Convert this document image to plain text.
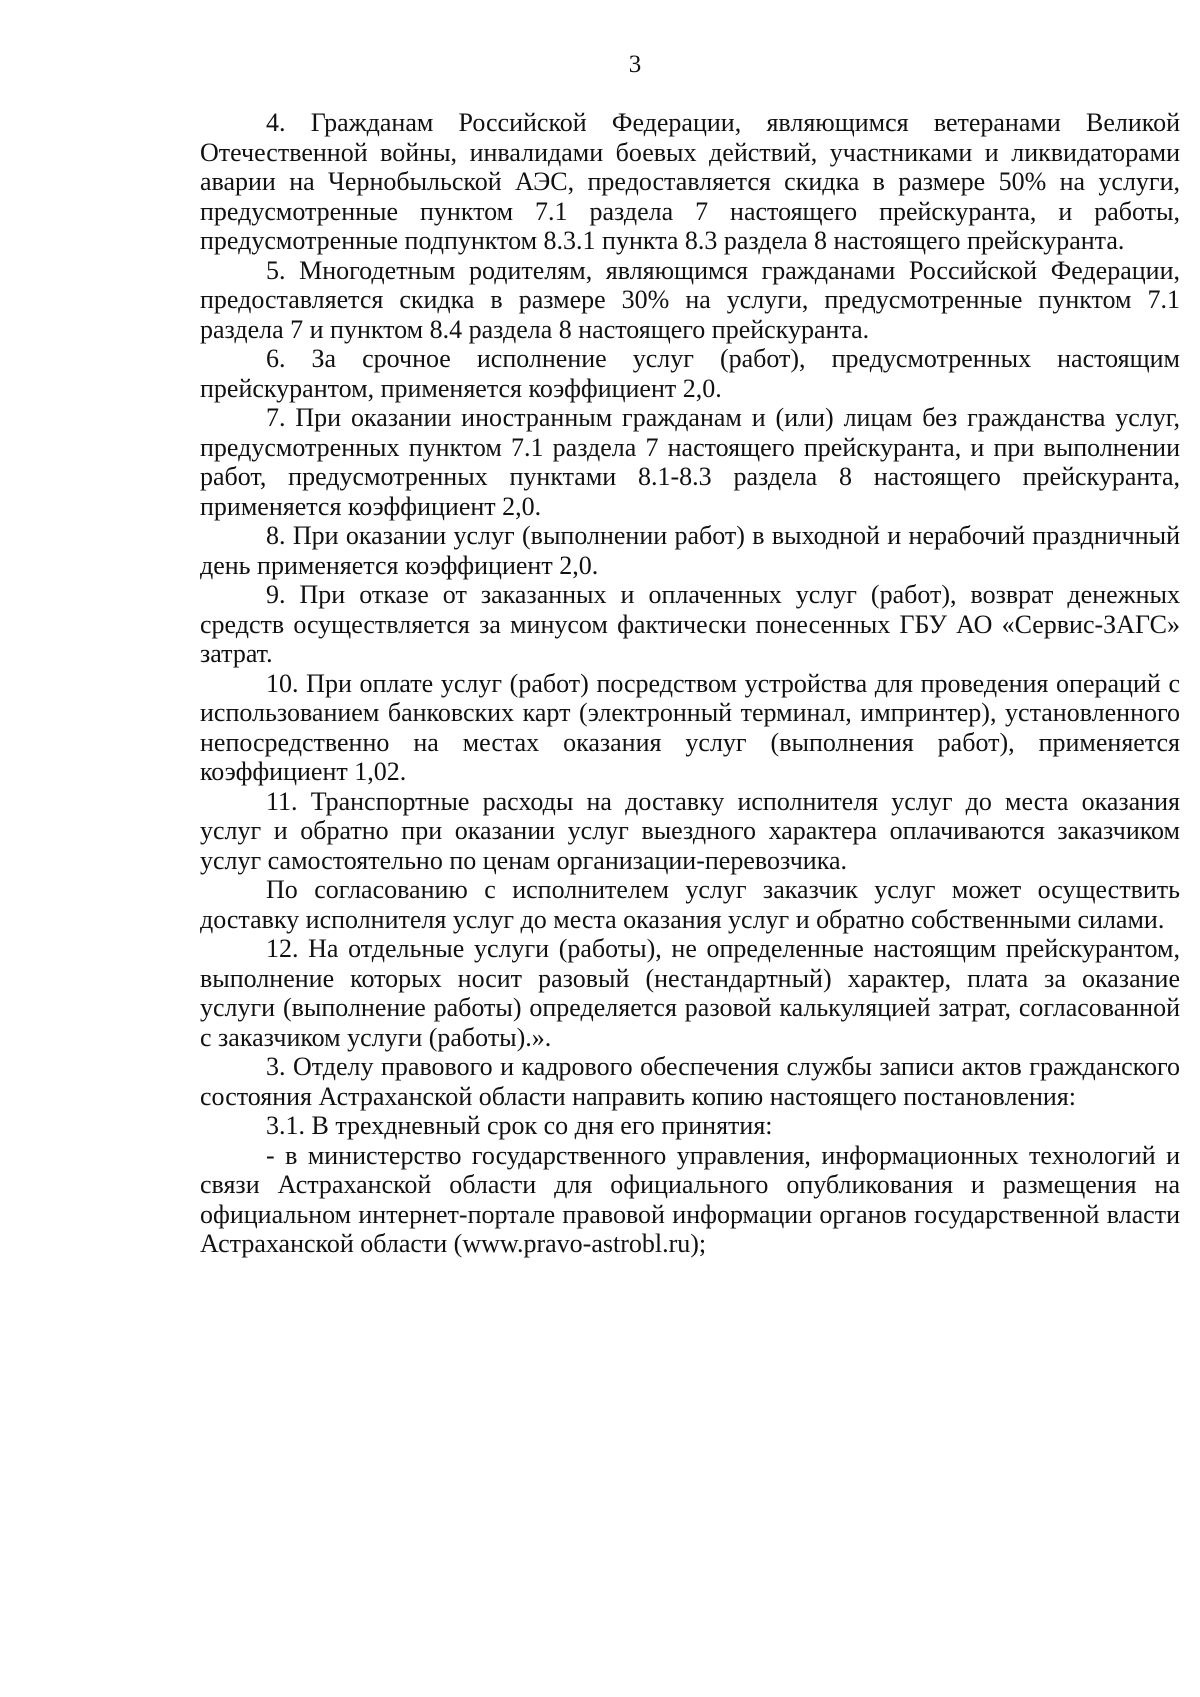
3

4. Гражданам Российской Федерации, являющимся ветеранами Великой Отечественной войны, инвалидами боевых действий, участниками и ликвидаторами аварии на Чернобыльской АЭС, предоставляется скидка в размере 50% на услуги, предусмотренные пунктом 7.1 раздела 7 настоящего прейскуранта, и работы, предусмотренные подпунктом 8.3.1 пункта 8.3 раздела 8 настоящего прейскуранта.

5. Многодетным родителям, являющимся гражданами Российской Федерации, предоставляется скидка в размере 30% на услуги, предусмотренные пунктом 7.1 раздела 7 и пунктом 8.4 раздела 8 настоящего прейскуранта.

6. За срочное исполнение услуг (работ), предусмотренных настоящим прейскурантом, применяется коэффициент 2,0.

7. При оказании иностранным гражданам и (или) лицам без гражданства услуг, предусмотренных пунктом 7.1 раздела 7 настоящего прейскуранта, и при выполнении работ, предусмотренных пунктами 8.1-8.3 раздела 8 настоящего прейскуранта, применяется коэффициент 2,0.

8. При оказании услуг (выполнении работ) в выходной и нерабочий праздничный день применяется коэффициент 2,0.

9. При отказе от заказанных и оплаченных услуг (работ), возврат денежных средств осуществляется за минусом фактически понесенных ГБУ АО «Сервис-ЗАГС» затрат.

10. При оплате услуг (работ) посредством устройства для проведения операций с использованием банковских карт (электронный терминал, импринтер), установленного непосредственно на местах оказания услуг (выполнения работ), применяется коэффициент 1,02.

11. Транспортные расходы на доставку исполнителя услуг до места оказания услуг и обратно при оказании услуг выездного характера оплачиваются заказчиком услуг самостоятельно по ценам организации-перевозчика.

По согласованию с исполнителем услуг заказчик услуг может осуществить доставку исполнителя услуг до места оказания услуг и обратно собственными силами.

12. На отдельные услуги (работы), не определенные настоящим прейскурантом, выполнение которых носит разовый (нестандартный) характер, плата за оказание услуги (выполнение работы) определяется разовой калькуляцией затрат, согласованной с заказчиком услуги (работы).».

3. Отделу правового и кадрового обеспечения службы записи актов гражданского состояния Астраханской области направить копию настоящего постановления:

3.1. В трехдневный срок со дня его принятия:

- в министерство государственного управления, информационных технологий и связи Астраханской области для официального опубликования и размещения на официальном интернет-портале правовой информации органов государственной власти Астраханской области (www.pravo-astrobl.ru);
